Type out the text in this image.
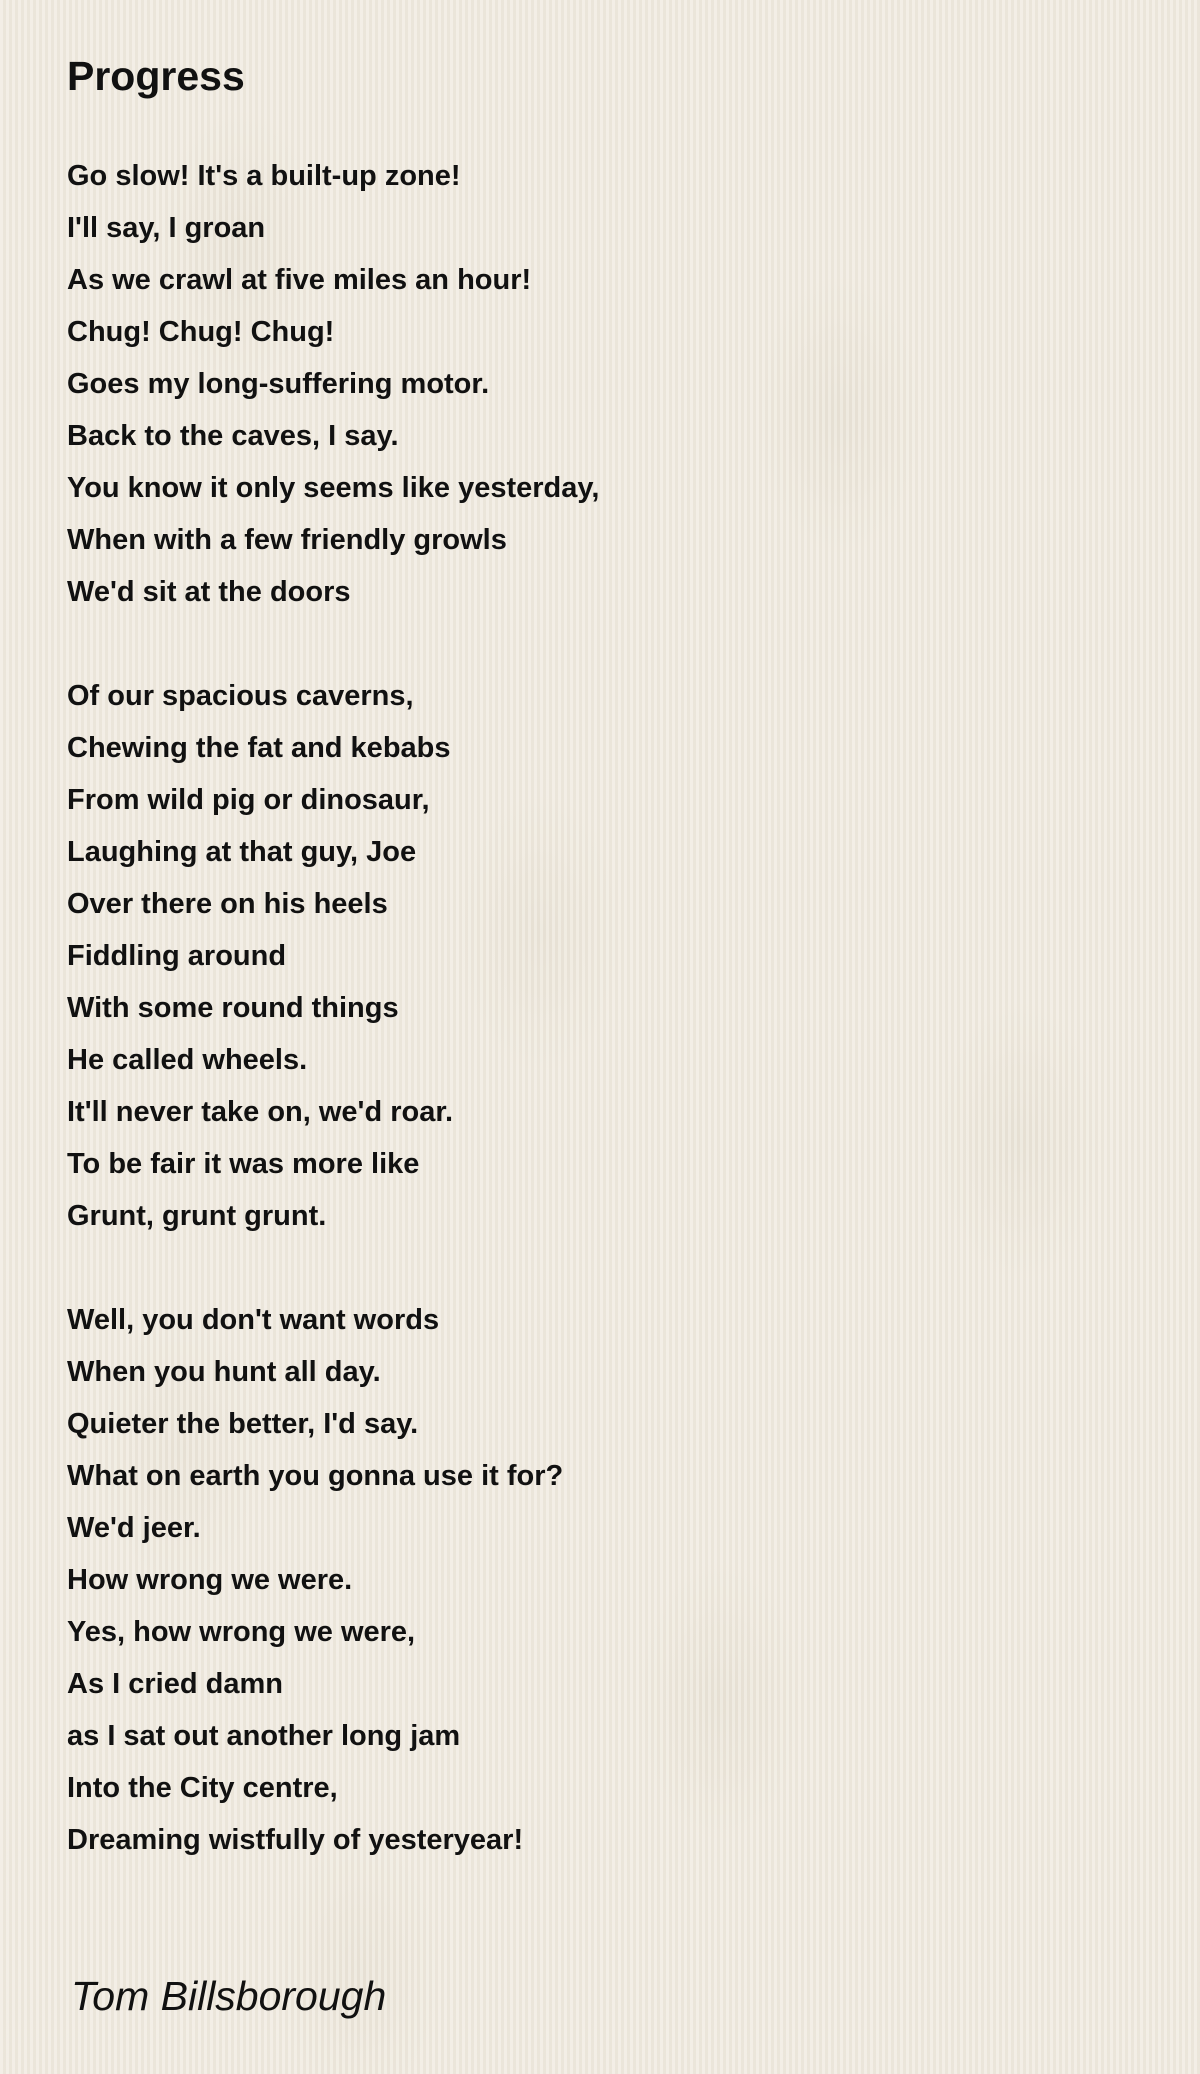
Progress
Go slow! It's a built-up zone!
I'll say, I groan
As we crawl at five miles an hour!
Chug! Chug! Chug!
Goes my long-suffering motor.
Back to the caves, I say.
You know it only seems like yesterday,
When with a few friendly growls
We'd sit at the doors
Of our spacious caverns,
Chewing the fat and kebabs
From wild pig or dinosaur,
Laughing at that guy, Joe
Over there on his heels
Fiddling around
With some round things
He called wheels.
It'll never take on, we'd roar.
To be fair it was more like
Grunt, grunt grunt.
Well, you don't want words
When you hunt all day.
Quieter the better, I'd say.
What on earth you gonna use it for?
We'd jeer.
How wrong we were.
Yes, how wrong we were,
As I cried damn
as I sat out another long jam
Into the City centre,
Dreaming wistfully of yesteryear!
Tom Billsborough
